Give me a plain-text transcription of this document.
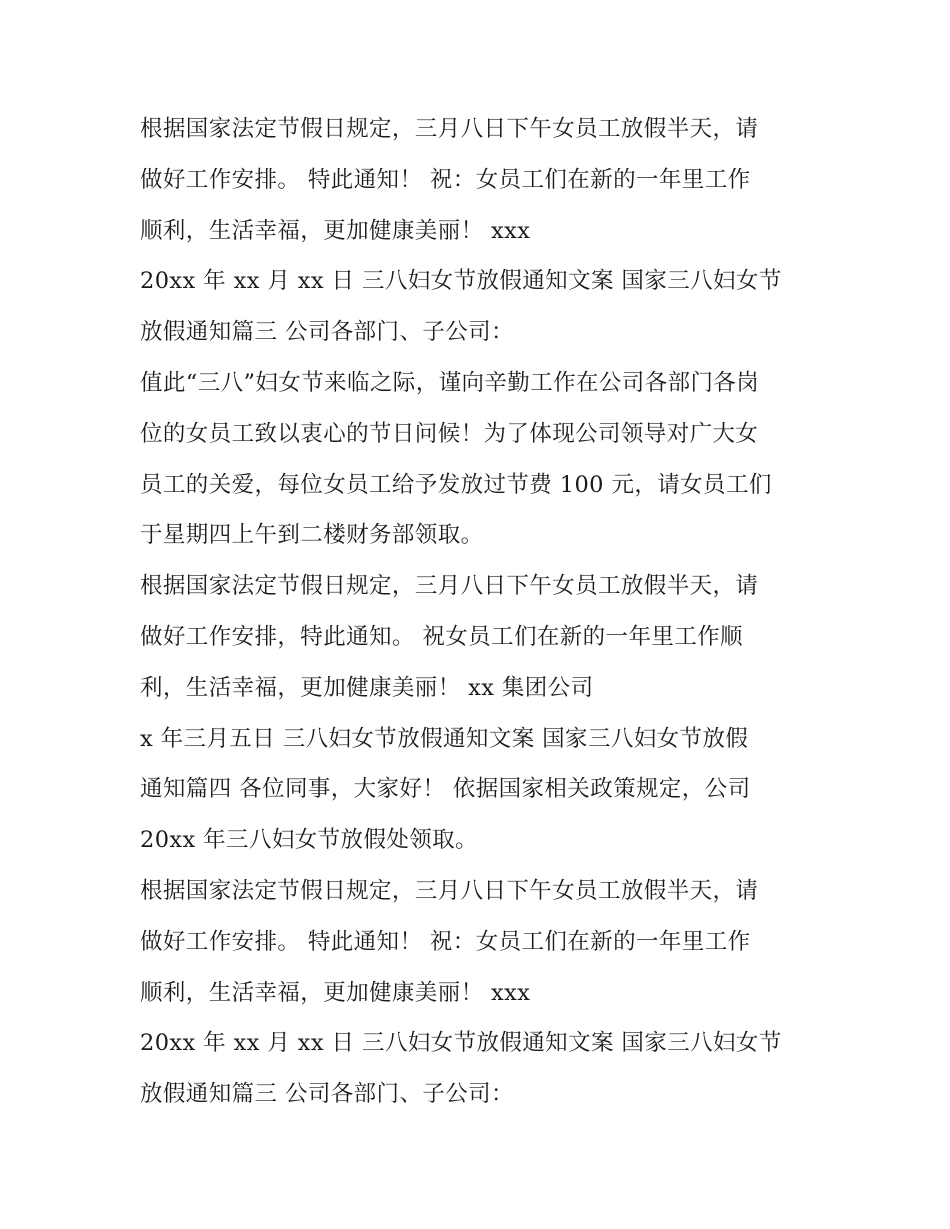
根据国家法定节假日规定，三月八日下午女员工放假半天，请
做好工作安排。 特此通知！ 祝：女员工们在新的一年里工作
顺利，生活幸福，更加健康美丽！ xxx
20xx 年 xx 月 xx 日 三八妇女节放假通知文案 国家三八妇女节
放假通知篇三 公司各部门、子公司：
值此“三八”妇女节来临之际，谨向辛勤工作在公司各部门各岗
位的女员工致以衷心的节日问候！为了体现公司领导对广大女
员工的关爱，每位女员工给予发放过节费 100 元，请女员工们
于星期四上午到二楼财务部领取。
根据国家法定节假日规定，三月八日下午女员工放假半天，请
做好工作安排，特此通知。 祝女员工们在新的一年里工作顺
利，生活幸福，更加健康美丽！ xx 集团公司
x 年三月五日 三八妇女节放假通知文案 国家三八妇女节放假
通知篇四 各位同事，大家好！ 依据国家相关政策规定，公司
20xx 年三八妇女节放假处领取。
根据国家法定节假日规定，三月八日下午女员工放假半天，请
做好工作安排。 特此通知！ 祝：女员工们在新的一年里工作
顺利，生活幸福，更加健康美丽！ xxx
20xx 年 xx 月 xx 日 三八妇女节放假通知文案 国家三八妇女节
放假通知篇三 公司各部门、子公司：
